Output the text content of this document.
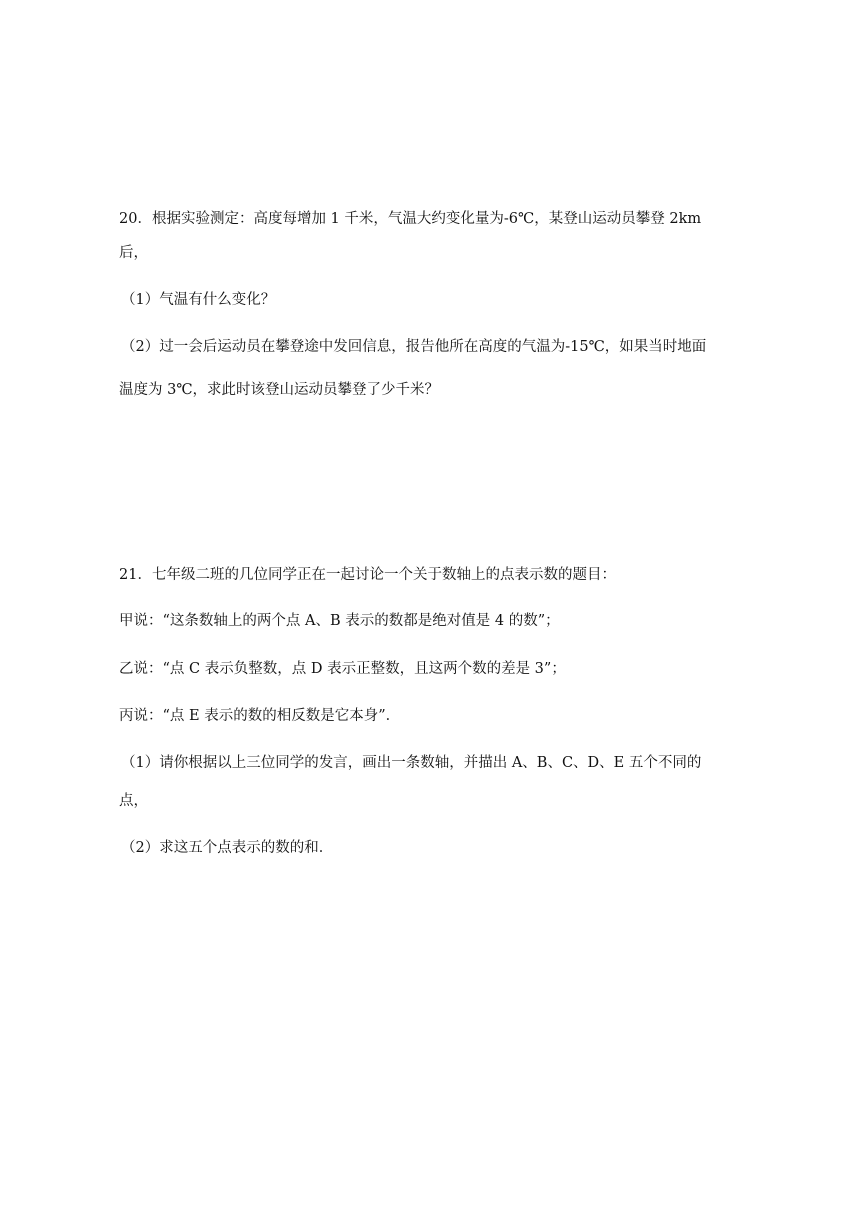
20．根据实验测定：高度每增加 1 千米，气温大约变化量为-6℃，某登山运动员攀登 2km
后，
（1）气温有什么变化？
（2）过一会后运动员在攀登途中发回信息，报告他所在高度的气温为-15℃，如果当时地面
温度为 3℃，求此时该登山运动员攀登了少千米？
21．七年级二班的几位同学正在一起讨论一个关于数轴上的点表示数的题目：
甲说：“这条数轴上的两个点 A、B 表示的数都是绝对值是 4 的数”；
乙说：“点 C 表示负整数，点 D 表示正整数，且这两个数的差是 3”；
丙说：“点 E 表示的数的相反数是它本身”．
（1）请你根据以上三位同学的发言，画出一条数轴，并描出 A、B、C、D、E 五个不同的
点，
（2）求这五个点表示的数的和．
